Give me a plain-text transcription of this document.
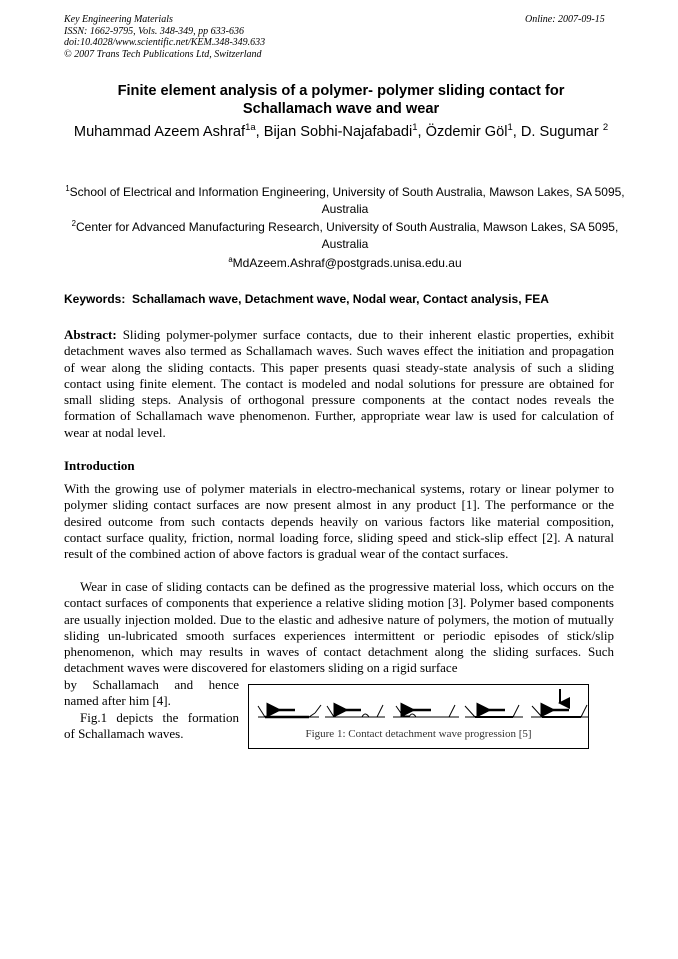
Key Engineering Materials
ISSN: 1662-9795, Vols. 348-349, pp 633-636
doi:10.4028/www.scientific.net/KEM.348-349.633
© 2007 Trans Tech Publications Ltd, Switzerland
Online: 2007-09-15
Finite element analysis of a polymer- polymer sliding contact for
Schallamach wave and wear
Muhammad Azeem Ashraf$^{1a}$, Bijan Sobhi-Najafabadi$^1$, Özdemir Göl$^1$, D. Sugumar $^2$
$^1$School of Electrical and Information Engineering, University of South Australia, Mawson Lakes, SA 5095, Australia
$^2$Center for Advanced Manufacturing Research, University of South Australia, Mawson Lakes, SA 5095, Australia
$^a$MdAzeem.Ashraf@postgrads.unisa.edu.au
Keywords: Schallamach wave, Detachment wave, Nodal wear, Contact analysis, FEA
Abstract: Sliding polymer-polymer surface contacts, due to their inherent elastic properties, exhibit detachment waves also termed as Schallamach waves. Such waves effect the initiation and propagation of wear along the sliding contacts. This paper presents quasi steady-state analysis of such a sliding contact using finite element. The contact is modeled and nodal solutions for pressure are obtained for small sliding steps. Analysis of orthogonal pressure components at the contact nodes reveals the formation of Schallamach wave phenomenon. Further, appropriate wear law is used for calculation of wear at nodal level.
Introduction
With the growing use of polymer materials in electro-mechanical systems, rotary or linear polymer to polymer sliding contact surfaces are now present almost in any product [1]. The performance or the desired outcome from such contacts depends heavily on various factors like material composition, contact surface quality, friction, normal loading force, sliding speed and stick-slip effect [2]. A natural result of the combined action of above factors is gradual wear of the contact surfaces.
Wear in case of sliding contacts can be defined as the progressive material loss, which occurs on the contact surfaces of components that experience a relative sliding motion [3]. Polymer based components are usually injection molded. Due to the elastic and adhesive nature of polymers, the motion of mutually sliding un-lubricated smooth surfaces experiences intermittent or periodic episodes of stick/slip phenomenon, which may results in waves of contact detachment along the sliding surfaces. Such detachment waves were discovered for elastomers sliding on a rigid surface
by Schallamach and hence
named after him [4].
Fig.1 depicts the formation
of Schallamach waves.	Figure 1: Contact detachment wave progression [5]
